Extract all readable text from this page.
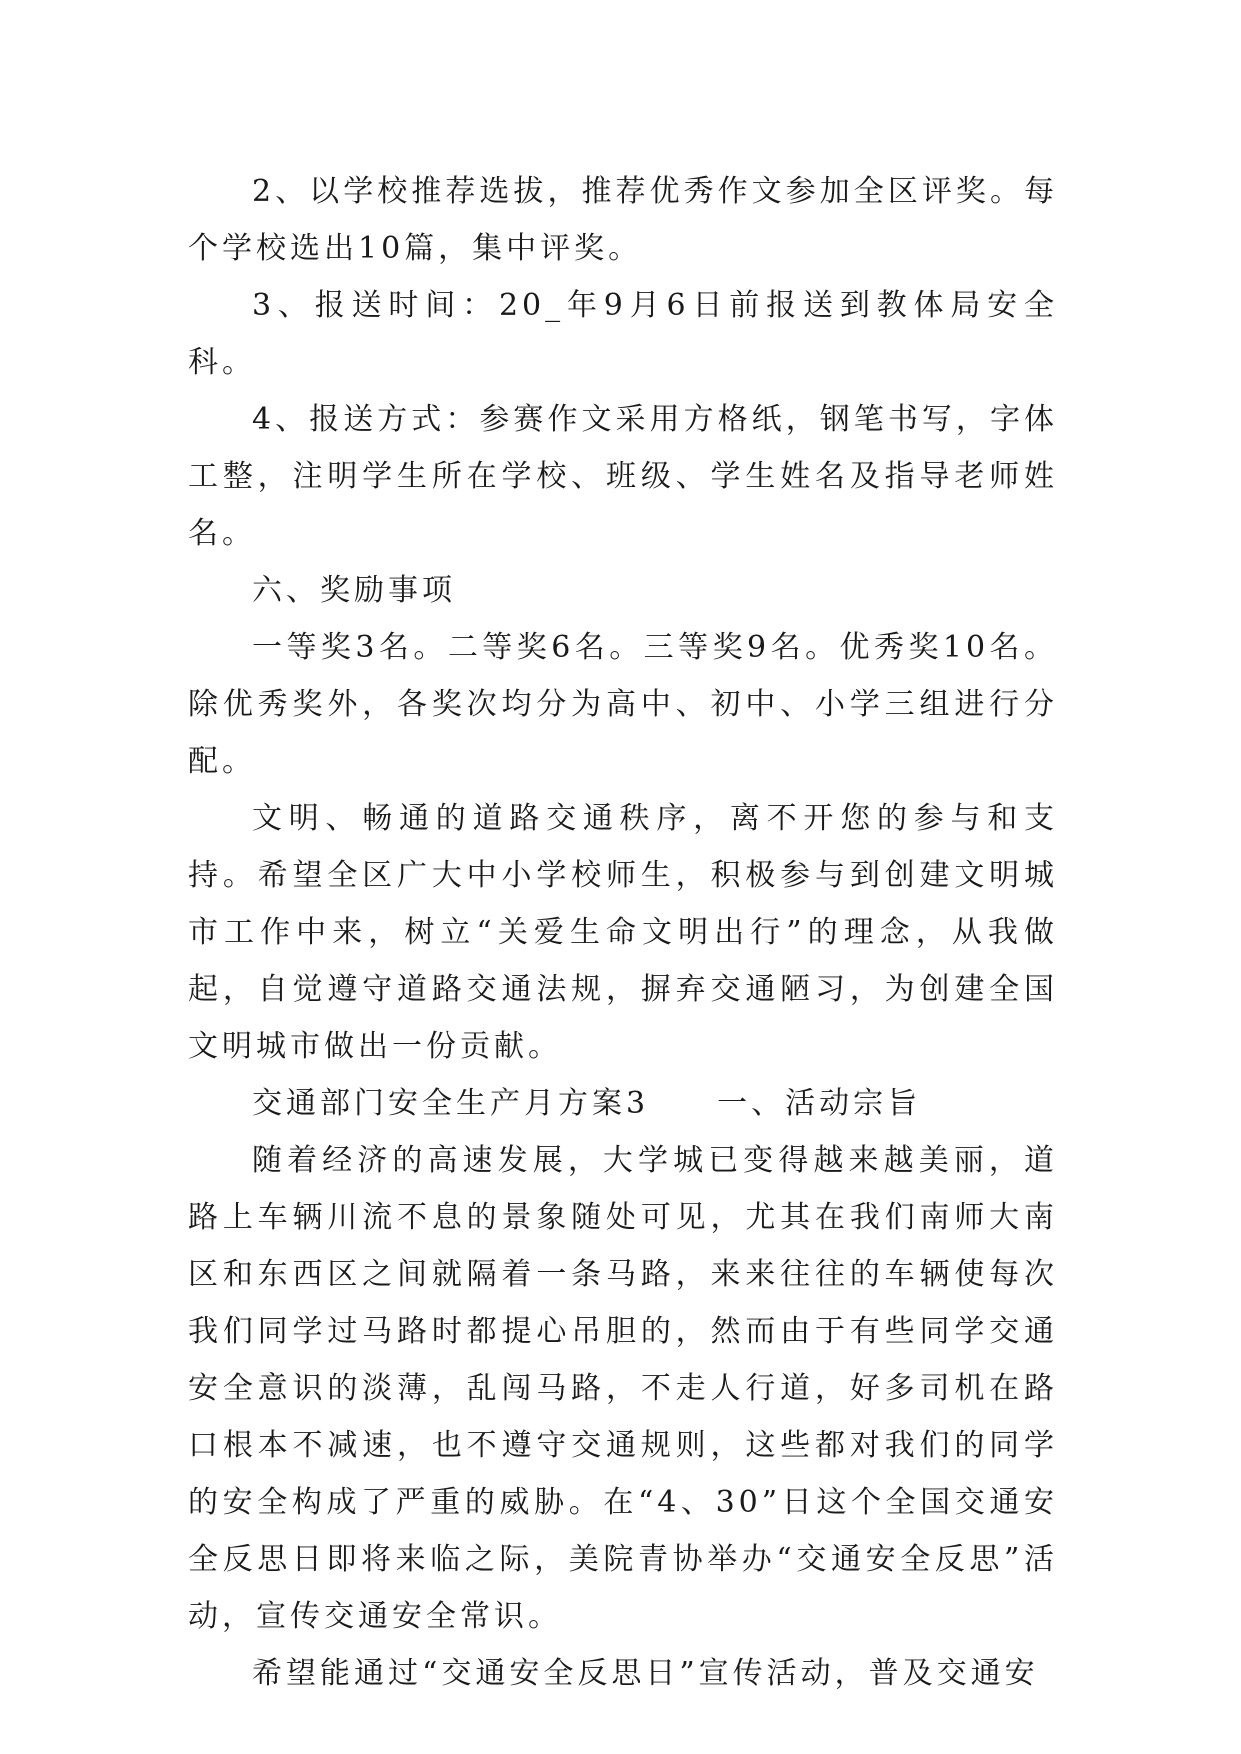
2、以学校推荐选拔，推荐优秀作文参加全区评奖。每个学校选出10篇，集中评奖。

3、报送时间：20_年9月6日前报送到教体局安全科。

4、报送方式：参赛作文采用方格纸，钢笔书写，字体工整，注明学生所在学校、班级、学生姓名及指导老师姓名。

六、奖励事项

一等奖3名。二等奖6名。三等奖9名。优秀奖10名。除优秀奖外，各奖次均分为高中、初中、小学三组进行分配。

文明、畅通的道路交通秩序，离不开您的参与和支持。希望全区广大中小学校师生，积极参与到创建文明城市工作中来，树立“关爱生命文明出行”的理念，从我做起，自觉遵守道路交通法规，摒弃交通陋习，为创建全国文明城市做出一份贡献。

交通部门安全生产月方案3 一、活动宗旨

随着经济的高速发展，大学城已变得越来越美丽，道路上车辆川流不息的景象随处可见，尤其在我们南师大南区和东西区之间就隔着一条马路，来来往往的车辆使每次我们同学过马路时都提心吊胆的，然而由于有些同学交通安全意识的淡薄，乱闯马路，不走人行道，好多司机在路口根本不减速，也不遵守交通规则，这些都对我们的同学的安全构成了严重的威胁。在“4、30”日这个全国交通安全反思日即将来临之际，美院青协举办“交通安全反思”活动，宣传交通安全常识。

希望能通过“交通安全反思日”宣传活动，普及交通安
